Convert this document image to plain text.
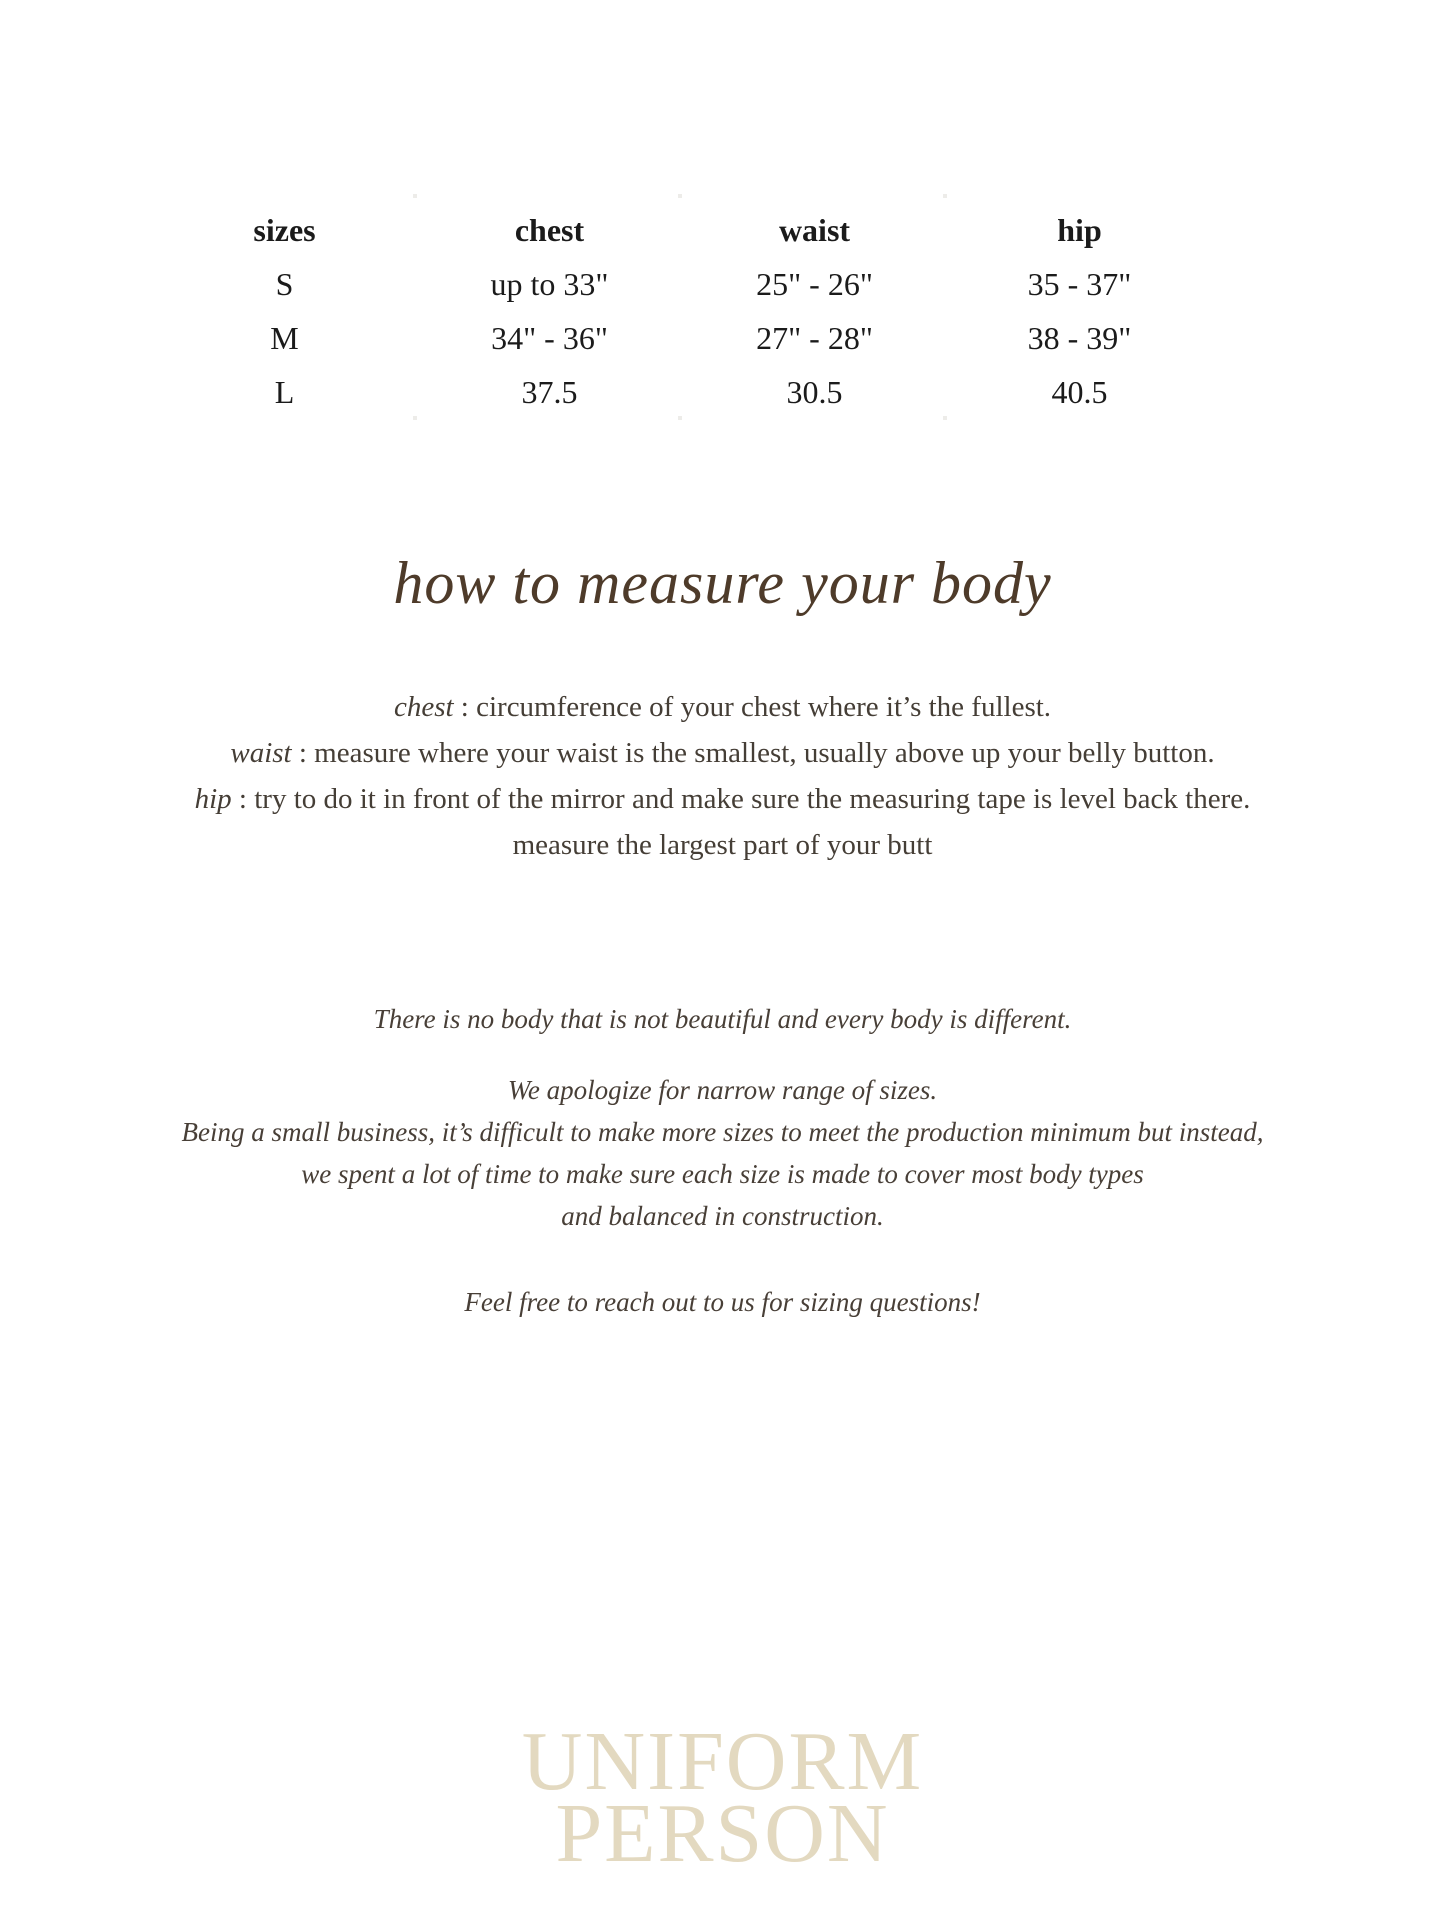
sizes	chest	waist	hip
S	up to 33"	25" - 26"	35 - 37"
M	34" - 36"	27" - 28"	38 - 39"
L	37.5	30.5	40.5
how to measure your body

chest : circumference of your chest where it’s the fullest.

waist : measure where your waist is the smallest, usually above up your belly button.

hip : try to do it in front of the mirror and make sure the measuring tape is level back there.

measure the largest part of your butt

There is no body that is not beautiful and every body is different.

We apologize for narrow range of sizes.

Being a small business, it’s difficult to make more sizes to meet the production minimum but instead,

we spent a lot of time to make sure each size is made to cover most body types

and balanced in construction.

Feel free to reach out to us for sizing questions!

UNIFORM
PERSON
